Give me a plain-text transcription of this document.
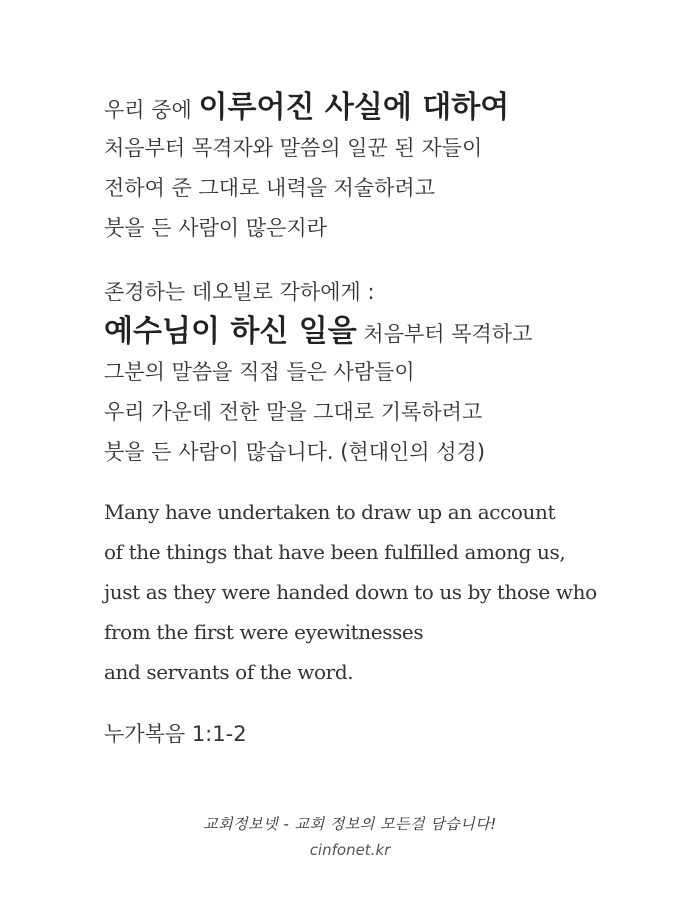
우리 중에 이루어진 사실에 대하여
처음부터 목격자와 말씀의 일꾼 된 자들이
전하여 준 그대로 내력을 저술하려고
붓을 든 사람이 많은지라
존경하는 데오빌로 각하에게 :
예수님이 하신 일을 처음부터 목격하고
그분의 말씀을 직접 들은 사람들이
우리 가운데 전한 말을 그대로 기록하려고
붓을 든 사람이 많습니다. (현대인의 성경)
Many have undertaken to draw up an account
of the things that have been fulfilled among us,
just as they were handed down to us by those who
from the first were eyewitnesses
and servants of the word.
누가복음 1:1-2
교회정보넷 - 교회 정보의 모든걸 담습니다!
cinfonet.kr
